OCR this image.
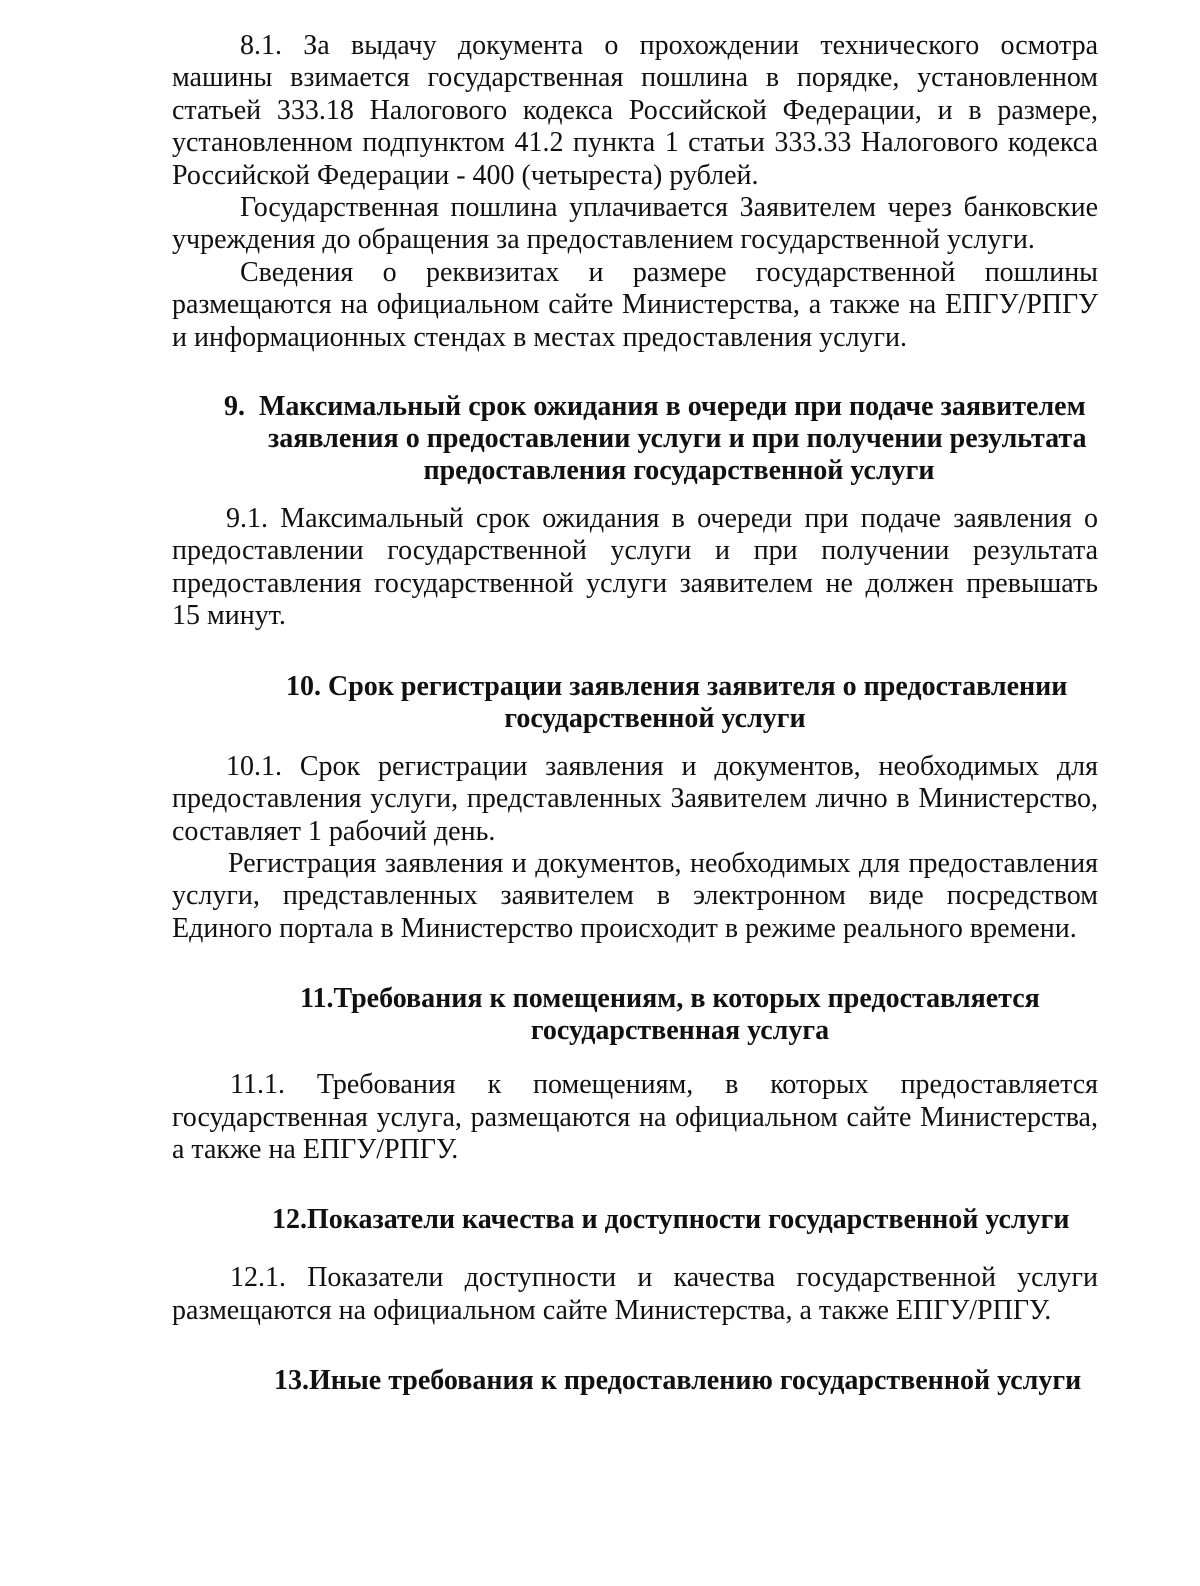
8.1. За выдачу документа о прохождении технического осмотра машины взимается государственная пошлина в порядке, установленном статьей 333.18 Налогового кодекса Российской Федерации, и в размере, установленном подпунктом 41.2 пункта 1 статьи 333.33 Налогового кодекса Российской Федерации - 400 (четыреста) рублей.

Государственная пошлина уплачивается Заявителем через банковские учреждения до обращения за предоставлением государственной услуги.

Сведения о реквизитах и размере государственной пошлины размещаются на официальном сайте Министерства, а также на ЕПГУ/РПГУ и информационных стендах в местах предоставления услуги.

9.  Максимальный срок ожидания в очереди при подаче заявителем
заявления о предоставлении услуги и при получении результата
предоставления государственной услуги

9.1. Максимальный срок ожидания в очереди при подаче заявления о предоставлении государственной услуги и при получении результата предоставления государственной услуги заявителем не должен превышать 15 минут.

10. Срок регистрации заявления заявителя о предоставлении
государственной услуги

10.1. Срок регистрации заявления и документов, необходимых для предоставления услуги, представленных Заявителем лично в Министерство, составляет 1 рабочий день.

Регистрация заявления и документов, необходимых для предоставления услуги, представленных заявителем в электронном виде посредством Единого портала в Министерство происходит в режиме реального времени.

11.Требования к помещениям, в которых предоставляется
государственная услуга

11.1. Требования к помещениям, в которых предоставляется государственная услуга, размещаются на официальном сайте Министерства, а также на ЕПГУ/РПГУ.

12.Показатели качества и доступности государственной услуги

12.1. Показатели доступности и качества государственной услуги размещаются на официальном сайте Министерства, а также ЕПГУ/РПГУ.

13.Иные требования к предоставлению государственной услуги
